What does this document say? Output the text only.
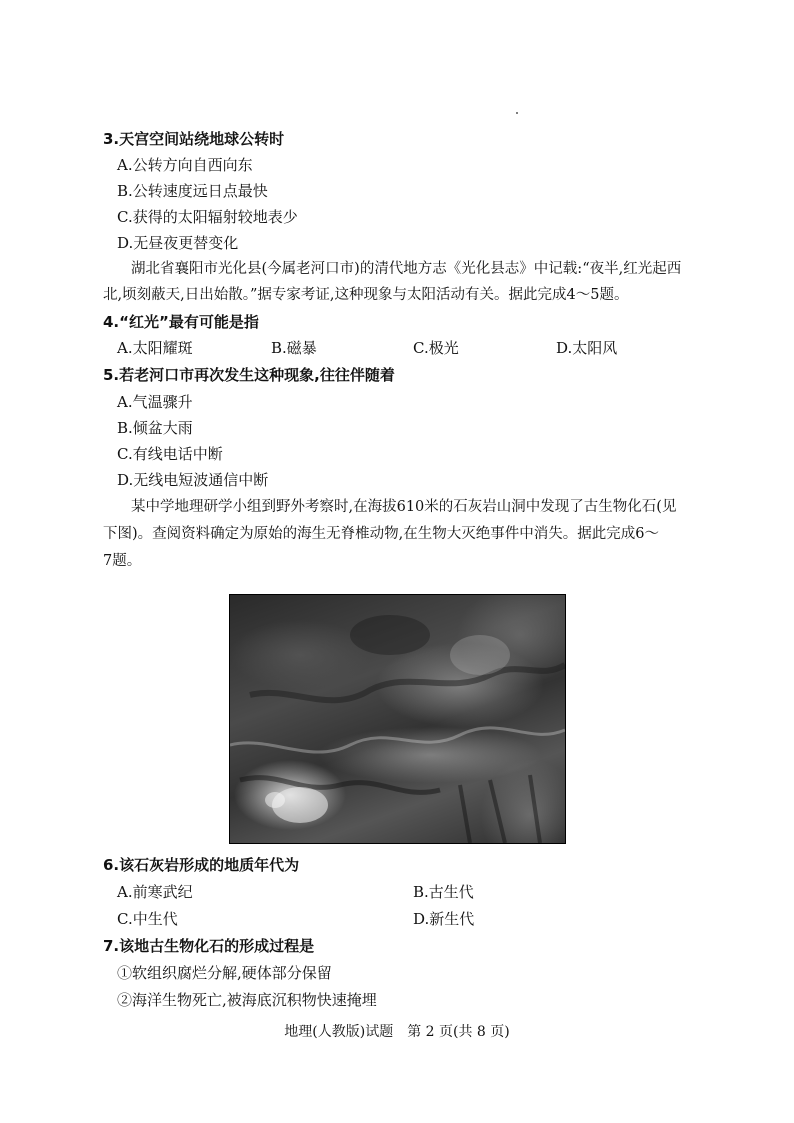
3.天宫空间站绕地球公转时
A.公转方向自西向东
B.公转速度远日点最快
C.获得的太阳辐射较地表少
D.无昼夜更替变化
湖北省襄阳市光化县(今属老河口市)的清代地方志《光化县志》中记载:“夜半,红光起西
北,顷刻蔽天,日出始散。”据专家考证,这种现象与太阳活动有关。据此完成4～5题。
4.“红光”最有可能是指
A.太阳耀斑	B.磁暴	C.极光	D.太阳风
5.若老河口市再次发生这种现象,往往伴随着
A.气温骤升
B.倾盆大雨
C.有线电话中断
D.无线电短波通信中断
某中学地理研学小组到野外考察时,在海拔610米的石灰岩山洞中发现了古生物化石(见
下图)。查阅资料确定为原始的海生无脊椎动物,在生物大灭绝事件中消失。据此完成6～
7题。
6.该石灰岩形成的地质年代为
A.前寒武纪	B.古生代
C.中生代	D.新生代
7.该地古生物化石的形成过程是
①软组织腐烂分解,硬体部分保留
②海洋生物死亡,被海底沉积物快速掩埋
地理(人教版)试题　第 2 页(共 8 页)
